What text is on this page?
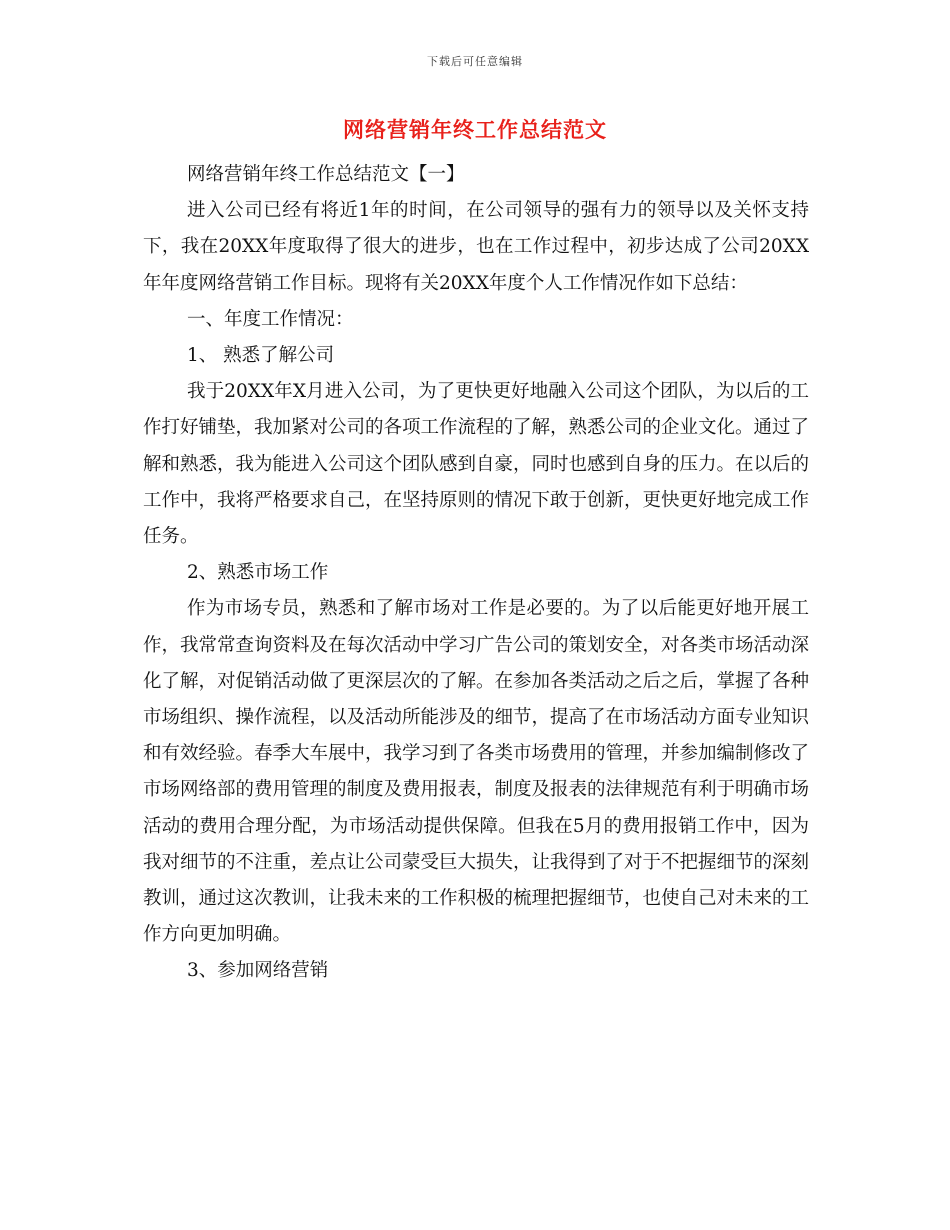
下载后可任意编辑
网络营销年终工作总结范文

网络营销年终工作总结范文【一】

进入公司已经有将近1年的时间，在公司领导的强有力的领导以及关怀支持下，我在20XX年度取得了很大的进步，也在工作过程中，初步达成了公司20XX年年度网络营销工作目标。现将有关20XX年度个人工作情况作如下总结：

一、年度工作情况：

1、 熟悉了解公司

我于20XX年X月进入公司，为了更快更好地融入公司这个团队，为以后的工作打好铺垫，我加紧对公司的各项工作流程的了解，熟悉公司的企业文化。通过了解和熟悉，我为能进入公司这个团队感到自豪，同时也感到自身的压力。在以后的工作中，我将严格要求自己，在坚持原则的情况下敢于创新，更快更好地完成工作任务。

2、熟悉市场工作

作为市场专员，熟悉和了解市场对工作是必要的。为了以后能更好地开展工作，我常常查询资料及在每次活动中学习广告公司的策划安全，对各类市场活动深化了解，对促销活动做了更深层次的了解。在参加各类活动之后之后，掌握了各种市场组织、操作流程，以及活动所能涉及的细节，提高了在市场活动方面专业知识和有效经验。春季大车展中，我学习到了各类市场费用的管理，并参加编制修改了市场网络部的费用管理的制度及费用报表，制度及报表的法律规范有利于明确市场活动的费用合理分配，为市场活动提供保障。但我在5月的费用报销工作中，因为我对细节的不注重，差点让公司蒙受巨大损失，让我得到了对于不把握细节的深刻教训，通过这次教训，让我未来的工作积极的梳理把握细节，也使自己对未来的工作方向更加明确。

3、参加网络营销
